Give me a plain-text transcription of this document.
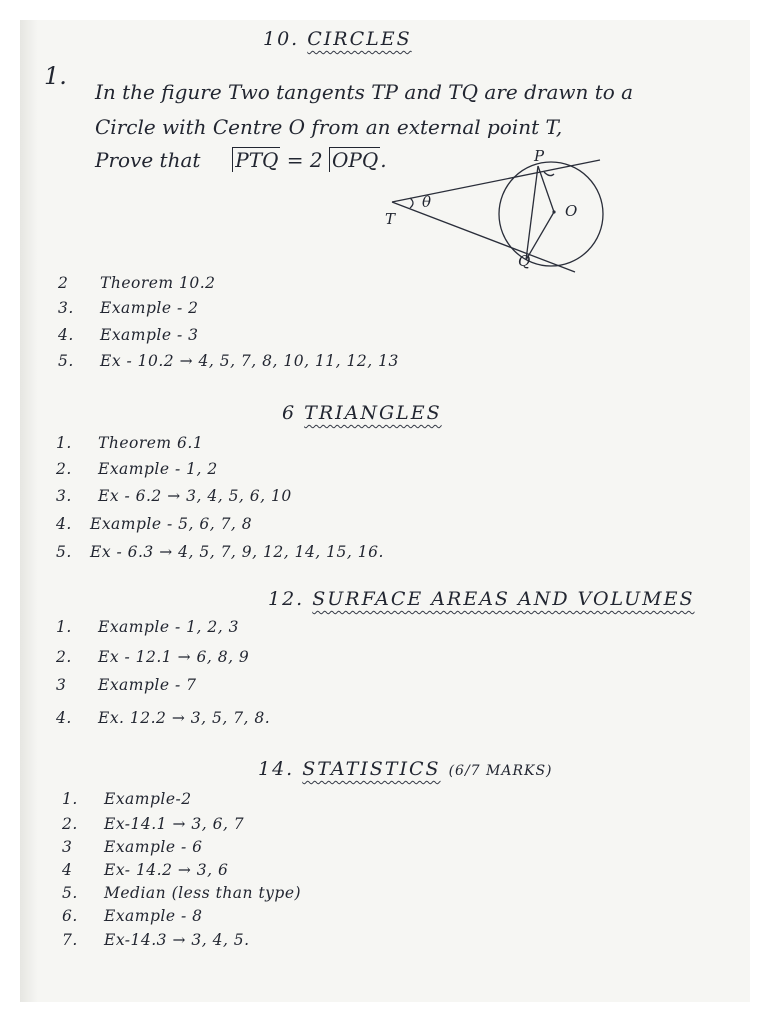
10. CIRCLES
1.
In the figure Two tangents TP and TQ are drawn to a
Circle with Centre O from an external point T,
Prove that PTQ = 2 OPQ .	P
Q
T	O
θ
2 Theorem 10.2
3. Example - 2
4. Example - 3
5. Ex - 10.2 → 4, 5, 7, 8, 10, 11, 12, 13
6 TRIANGLES
1. Theorem 6.1
2. Example - 1, 2
3. Ex - 6.2 → 3, 4, 5, 6, 10
4. Example - 5, 6, 7, 8
5. Ex - 6.3 → 4, 5, 7, 9, 12, 14, 15, 16.
12. SURFACE AREAS AND VOLUMES
1. Example - 1, 2, 3
2. Ex - 12.1 → 6, 8, 9
3 Example - 7
4. Ex. 12.2 → 3, 5, 7, 8.
14. STATISTICS (6/7 MARKS)
1. Example-2
2. Ex-14.1 → 3, 6, 7
3 Example - 6
4 Ex- 14.2 → 3, 6
5. Median (less than type)
6. Example - 8
7. Ex-14.3 → 3, 4, 5.
